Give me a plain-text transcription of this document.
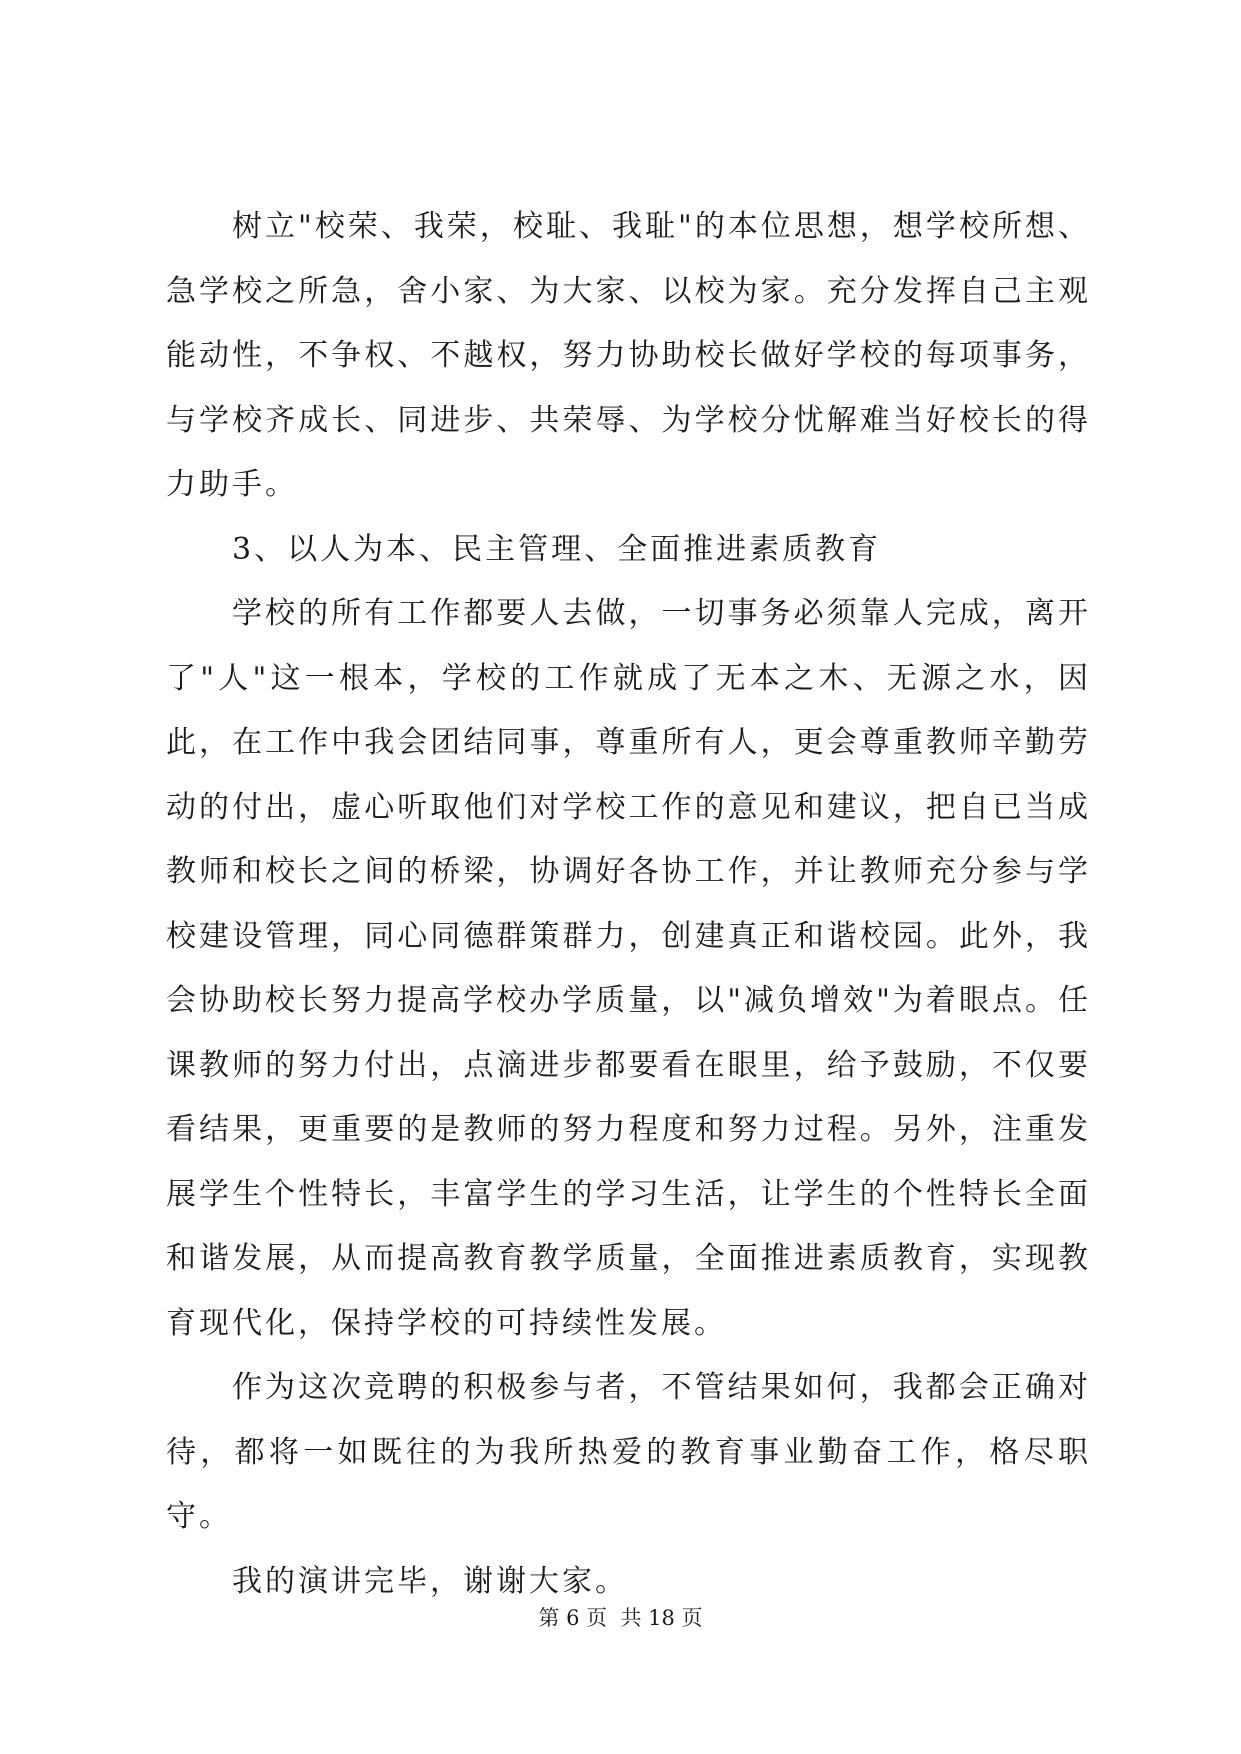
树立"校荣、我荣，校耻、我耻"的本位思想，想学校所想、急学校之所急，舍小家、为大家、以校为家。充分发挥自己主观能动性，不争权、不越权，努力协助校长做好学校的每项事务，与学校齐成长、同进步、共荣辱、为学校分忧解难当好校长的得力助手。

3、以人为本、民主管理、全面推进素质教育

学校的所有工作都要人去做，一切事务必须靠人完成，离开了"人"这一根本，学校的工作就成了无本之木、无源之水，因此，在工作中我会团结同事，尊重所有人，更会尊重教师辛勤劳动的付出，虚心听取他们对学校工作的意见和建议，把自已当成教师和校长之间的桥梁，协调好各协工作，并让教师充分参与学校建设管理，同心同德群策群力，创建真正和谐校园。此外，我会协助校长努力提高学校办学质量，以"减负增效"为着眼点。任课教师的努力付出，点滴进步都要看在眼里，给予鼓励，不仅要看结果，更重要的是教师的努力程度和努力过程。另外，注重发展学生个性特长，丰富学生的学习生活，让学生的个性特长全面和谐发展，从而提高教育教学质量，全面推进素质教育，实现教育现代化，保持学校的可持续性发展。

作为这次竞聘的积极参与者，不管结果如何，我都会正确对待，都将一如既往的为我所热爱的教育事业勤奋工作，格尽职守。

我的演讲完毕，谢谢大家。

第 6 页  共 18 页
